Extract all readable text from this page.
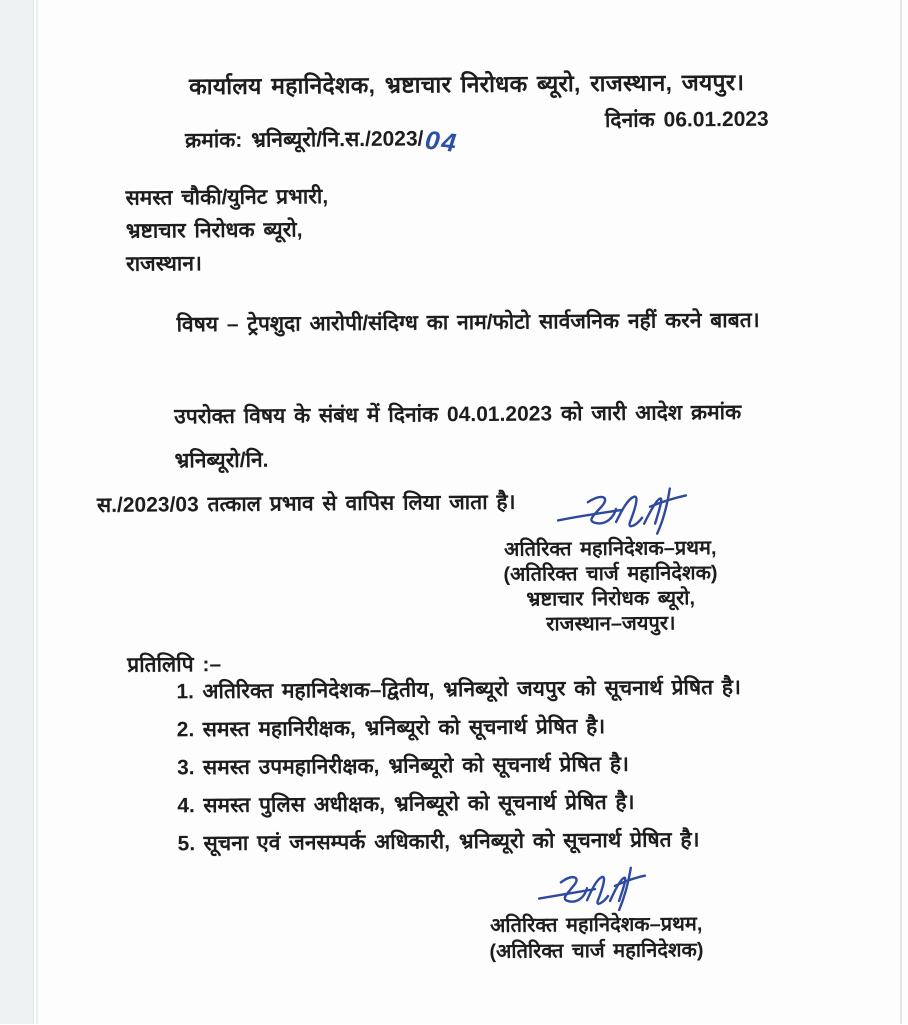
कार्यालय महानिदेशक, भ्रष्टाचार निरोधक ब्यूरो, राजस्थान, जयपुर।
क्रमांक: भ्रनिब्यूरो/नि.स./2023/ 04
दिनांक 06.01.2023
समस्त चौकी/युनिट प्रभारी,
भ्रष्टाचार निरोधक ब्यूरो,
राजस्थान।
विषय – ट्रेपशुदा आरोपी/संदिग्ध का नाम/फोटो सार्वजनिक नहीं करने बाबत।
उपरोक्त विषय के संबंध में दिनांक 04.01.2023 को जारी आदेश क्रमांक भ्रनिब्यूरो/नि.
स./2023/03 तत्काल प्रभाव से वापिस लिया जाता है।
अतिरिक्त महानिदेशक–प्रथम,
(अतिरिक्त चार्ज महानिदेशक)
भ्रष्टाचार निरोधक ब्यूरो,
राजस्थान–जयपुर।
प्रतिलिपि :–
1. अतिरिक्त महानिदेशक–द्वितीय, भ्रनिब्यूरो जयपुर को सूचनार्थ प्रेषित है।
2. समस्त महानिरीक्षक, भ्रनिब्यूरो को सूचनार्थ प्रेषित है।
3. समस्त उपमहानिरीक्षक, भ्रनिब्यूरो को सूचनार्थ प्रेषित है।
4. समस्त पुलिस अधीक्षक, भ्रनिब्यूरो को सूचनार्थ प्रेषित है।
5. सूचना एवं जनसम्पर्क अधिकारी, भ्रनिब्यूरो को सूचनार्थ प्रेषित है।
अतिरिक्त महानिदेशक–प्रथम,
(अतिरिक्त चार्ज महानिदेशक)
